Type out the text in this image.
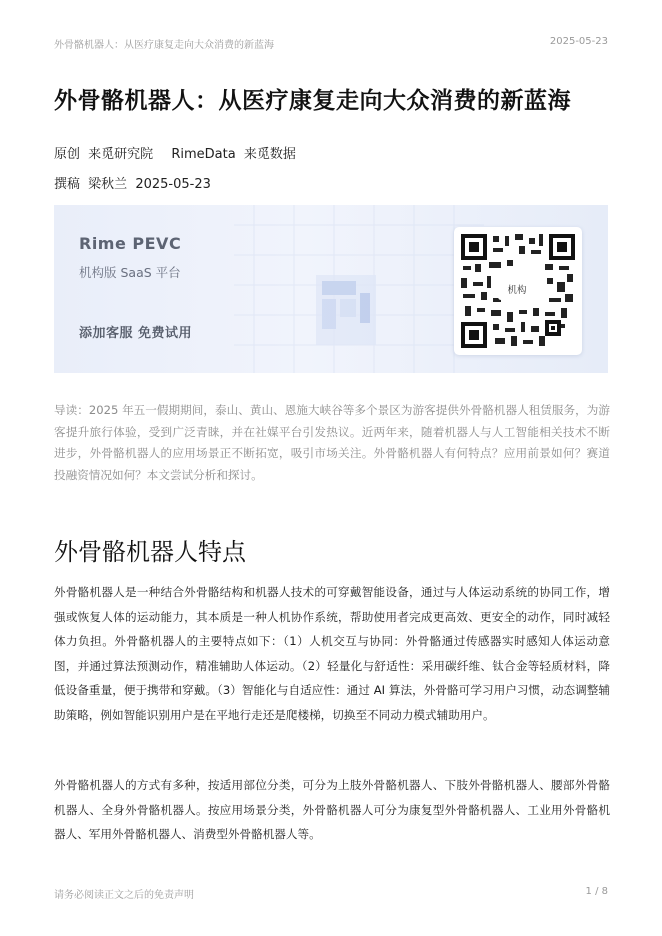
外骨骼机器人：从医疗康复走向大众消费的新蓝海	2025-05-23
外骨骼机器人：从医疗康复走向大众消费的新蓝海
原创 来觅研究院 RimeData 来觅数据
撰稿 梁秋兰 2025-05-23
Rime PEVC
机构版 SaaS 平台
添加客服 免费试用
机构
导读：2025 年五一假期期间，泰山、黄山、恩施大峡谷等多个景区为游客提供外骨骼机器人租赁服务，为游客提升旅行体验，受到广泛青睐，并在社媒平台引发热议。近两年来，随着机器人与人工智能相关技术不断进步，外骨骼机器人的应用场景正不断拓宽，吸引市场关注。外骨骼机器人有何特点？应用前景如何？赛道投融资情况如何？本文尝试分析和探讨。
外骨骼机器人特点
外骨骼机器人是一种结合外骨骼结构和机器人技术的可穿戴智能设备，通过与人体运动系统的协同工作，增强或恢复人体的运动能力，其本质是一种人机协作系统，帮助使用者完成更高效、更安全的动作，同时减轻体力负担。外骨骼机器人的主要特点如下：（1）人机交互与协同：外骨骼通过传感器实时感知人体运动意图，并通过算法预测动作，精准辅助人体运动。（2）轻量化与舒适性：采用碳纤维、钛合金等轻质材料，降低设备重量，便于携带和穿戴。（3）智能化与自适应性：通过 AI 算法，外骨骼可学习用户习惯，动态调整辅助策略，例如智能识别用户是在平地行走还是爬楼梯，切换至不同动力模式辅助用户。
外骨骼机器人的方式有多种，按适用部位分类，可分为上肢外骨骼机器人、下肢外骨骼机器人、腰部外骨骼机器人、全身外骨骼机器人。按应用场景分类，外骨骼机器人可分为康复型外骨骼机器人、工业用外骨骼机器人、军用外骨骼机器人、消费型外骨骼机器人等。
请务必阅读正文之后的免责声明	1 / 8
